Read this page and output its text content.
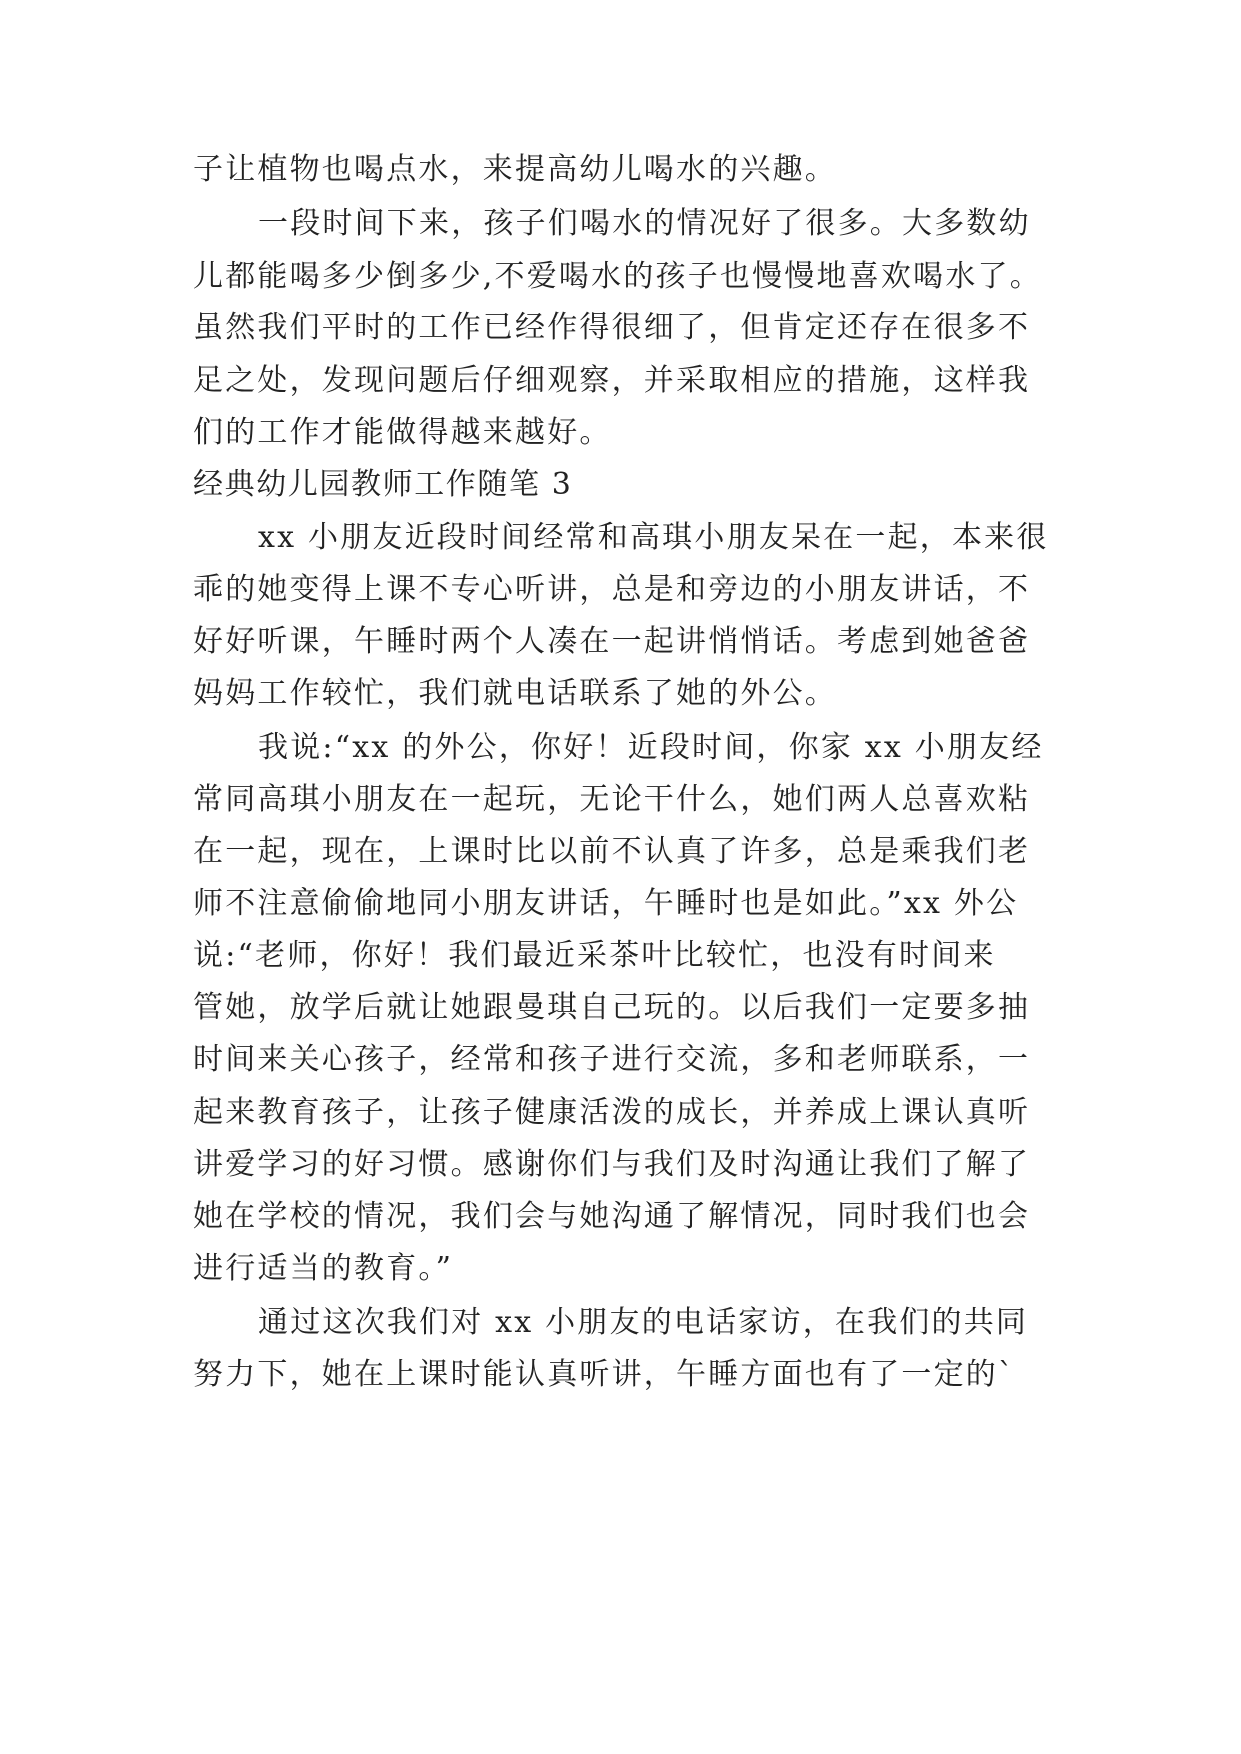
子让植物也喝点水，来提高幼儿喝水的兴趣。
一段时间下来，孩子们喝水的情况好了很多。大多数幼
儿都能喝多少倒多少,不爱喝水的孩子也慢慢地喜欢喝水了。
虽然我们平时的工作已经作得很细了，但肯定还存在很多不
足之处，发现问题后仔细观察，并采取相应的措施，这样我
们的工作才能做得越来越好。
经典幼儿园教师工作随笔 3
xx 小朋友近段时间经常和高琪小朋友呆在一起，本来很
乖的她变得上课不专心听讲，总是和旁边的小朋友讲话，不
好好听课，午睡时两个人凑在一起讲悄悄话。考虑到她爸爸
妈妈工作较忙，我们就电话联系了她的外公。
我说:“xx 的外公，你好！近段时间，你家 xx 小朋友经
常同高琪小朋友在一起玩，无论干什么，她们两人总喜欢粘
在一起，现在，上课时比以前不认真了许多，总是乘我们老
师不注意偷偷地同小朋友讲话，午睡时也是如此。”xx 外公
说:“老师，你好！我们最近采茶叶比较忙，也没有时间来
管她，放学后就让她跟曼琪自己玩的。以后我们一定要多抽
时间来关心孩子，经常和孩子进行交流，多和老师联系，一
起来教育孩子，让孩子健康活泼的成长，并养成上课认真听
讲爱学习的好习惯。感谢你们与我们及时沟通让我们了解了
她在学校的情况，我们会与她沟通了解情况，同时我们也会
进行适当的教育。”
通过这次我们对 xx 小朋友的电话家访，在我们的共同
努力下，她在上课时能认真听讲，午睡方面也有了一定的`
